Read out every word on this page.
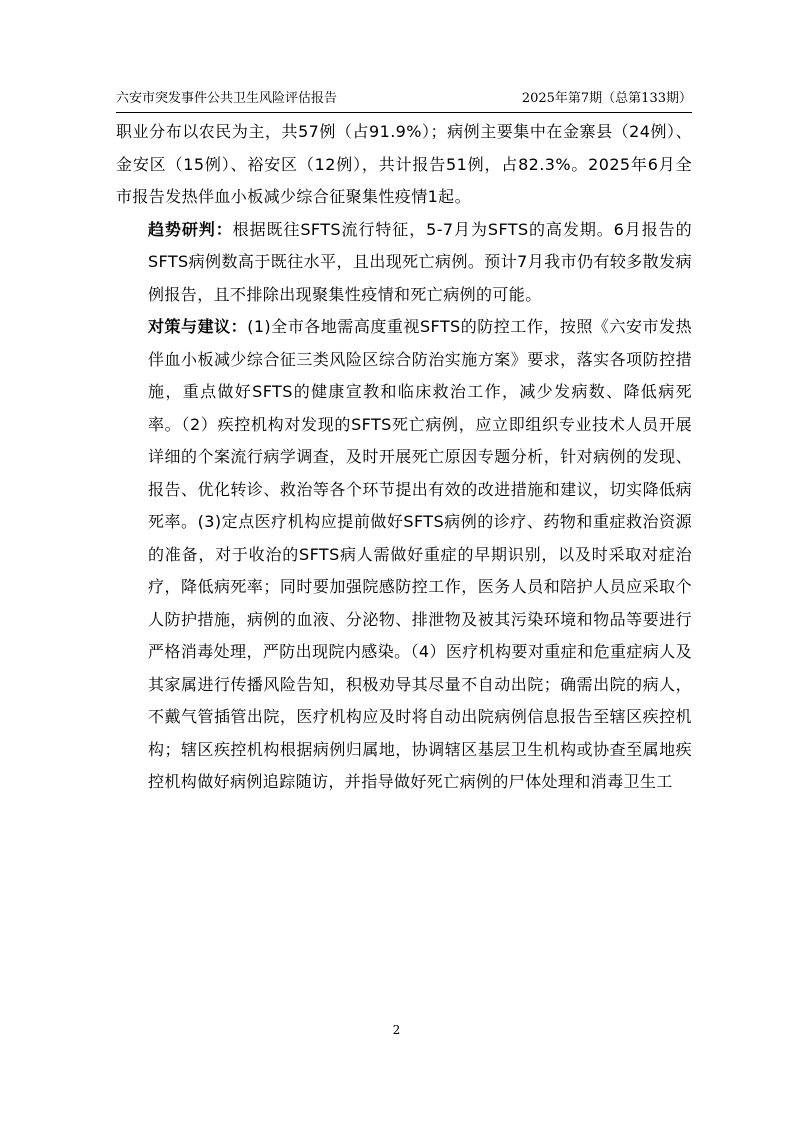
六安市突发事件公共卫生风险评估报告	2025年第7期（总第133期）

职业分布以农民为主，共57例（占91.9%）；病例主要集中在金寨县（24例）、金安区（15例）、裕安区（12例），共计报告51例，占82.3%。2025年6月全市报告发热伴血小板减少综合征聚集性疫情1起。

趋势研判：根据既往SFTS流行特征，5-7月为SFTS的高发期。6月报告的SFTS病例数高于既往水平，且出现死亡病例。预计7月我市仍有较多散发病例报告，且不排除出现聚集性疫情和死亡病例的可能。

对策与建议：(1)全市各地需高度重视SFTS的防控工作，按照《六安市发热伴血小板减少综合征三类风险区综合防治实施方案》要求，落实各项防控措施，重点做好SFTS的健康宣教和临床救治工作，减少发病数、降低病死率。（2）疾控机构对发现的SFTS死亡病例，应立即组织专业技术人员开展详细的个案流行病学调查，及时开展死亡原因专题分析，针对病例的发现、报告、优化转诊、救治等各个环节提出有效的改进措施和建议，切实降低病死率。(3)定点医疗机构应提前做好SFTS病例的诊疗、药物和重症救治资源的准备，对于收治的SFTS病人需做好重症的早期识别，以及时采取对症治疗，降低病死率；同时要加强院感防控工作，医务人员和陪护人员应采取个人防护措施，病例的血液、分泌物、排泄物及被其污染环境和物品等要进行严格消毒处理，严防出现院内感染。（4）医疗机构要对重症和危重症病人及其家属进行传播风险告知，积极劝导其尽量不自动出院；确需出院的病人，不戴气管插管出院，医疗机构应及时将自动出院病例信息报告至辖区疾控机构；辖区疾控机构根据病例归属地，协调辖区基层卫生机构或协查至属地疾控机构做好病例追踪随访，并指导做好死亡病例的尸体处理和消毒卫生工

2
